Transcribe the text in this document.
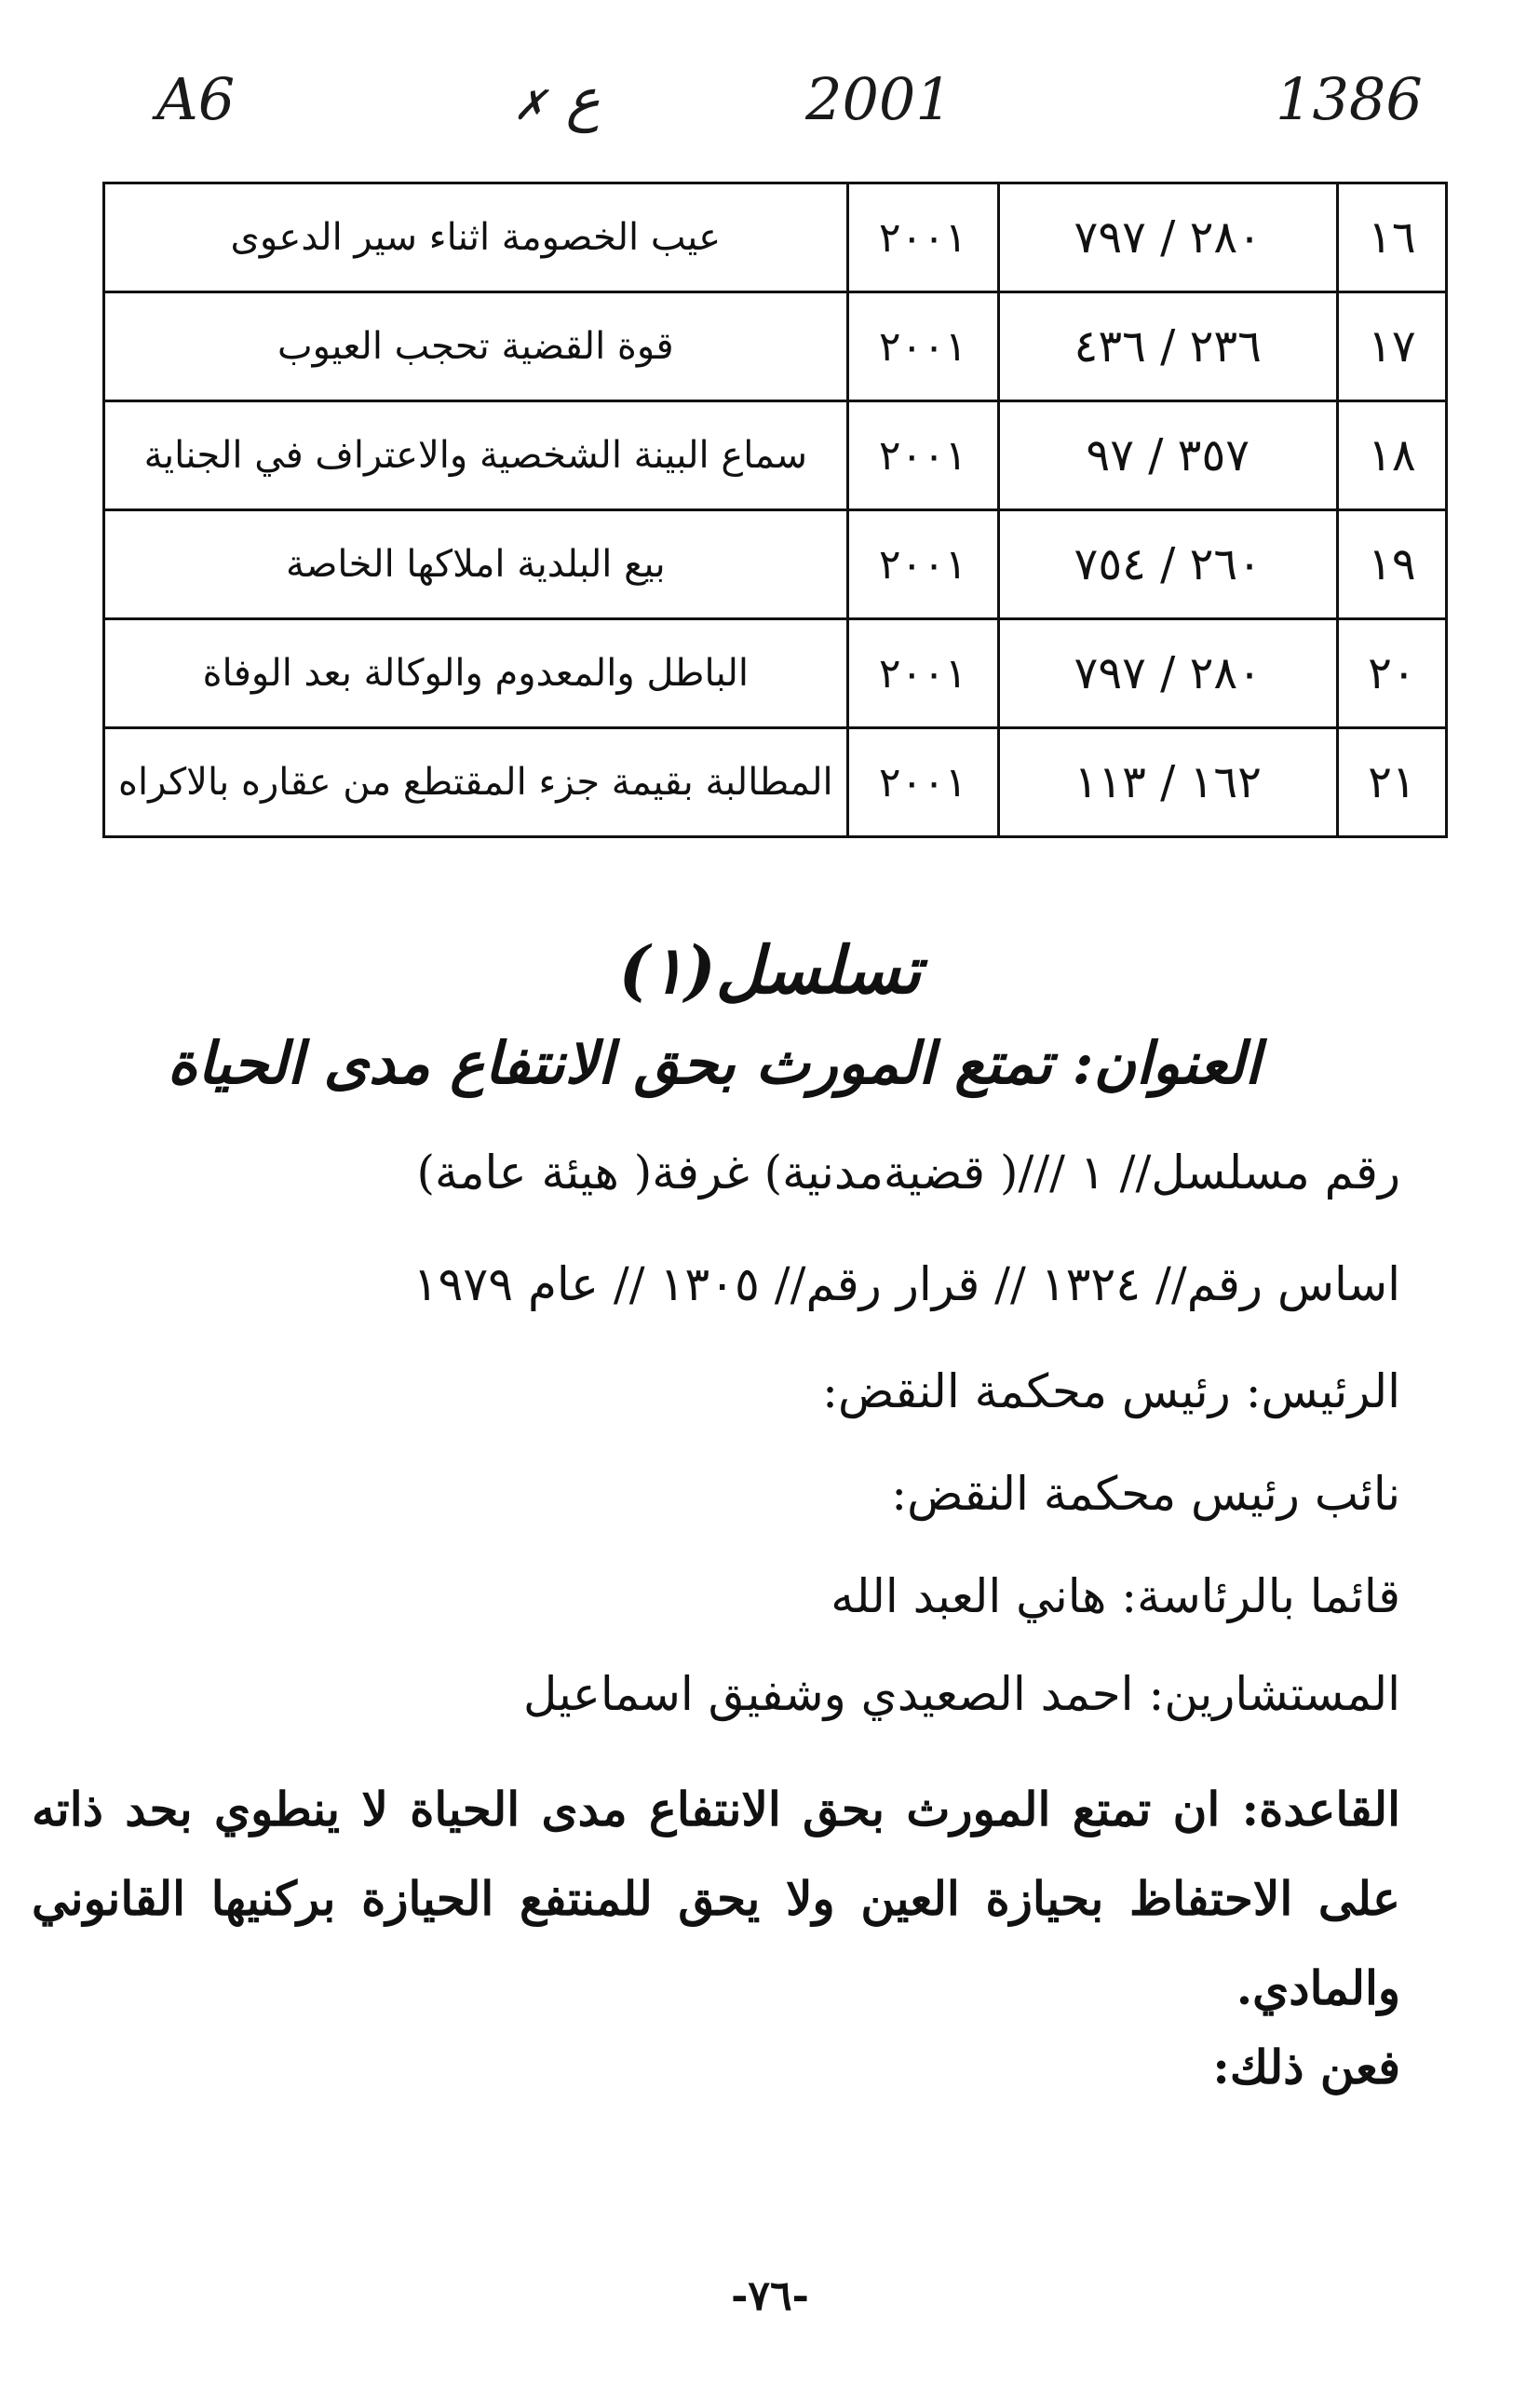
A6	✗ ع	2001	1386
١٦	٢٨٠ / ٧٩٧	٢٠٠١	عيب الخصومة اثناء سير الدعوى
١٧	٢٣٦ / ٤٣٦	٢٠٠١	قوة القضية تحجب العيوب
١٨	٣٥٧ / ٩٧	٢٠٠١	سماع البينة الشخصية والاعتراف في الجناية
١٩	٢٦٠ / ٧٥٤	٢٠٠١	بيع البلدية املاكها الخاصة
٢٠	٢٨٠ / ٧٩٧	٢٠٠١	الباطل والمعدوم والوكالة بعد الوفاة
٢١	١٦٢ / ١١٣	٢٠٠١	المطالبة بقيمة جزء المقتطع من عقاره بالاكراه
تسلسل(١)
العنوان: تمتع المورث بحق الانتفاع مدى الحياة
رقم مسلسل// ١ ///( قضيةمدنية) غرفة( هيئة عامة)
اساس رقم// ١٣٢٤ // قرار رقم// ١٣٠٥ // عام ١٩٧٩
الرئيس: رئيس محكمة النقض:
نائب رئيس محكمة النقض:
قائما بالرئاسة: هاني العبد الله
المستشارين: احمد الصعيدي وشفيق اسماعيل
القاعدة: ان تمتع المورث بحق الانتفاع مدى الحياة لا ينطوي بحد ذاته على الاحتفاظ بحيازة العين ولا يحق للمنتفع الحيازة بركنيها القانوني والمادي.
فعن ذلك:
-٧٦-
